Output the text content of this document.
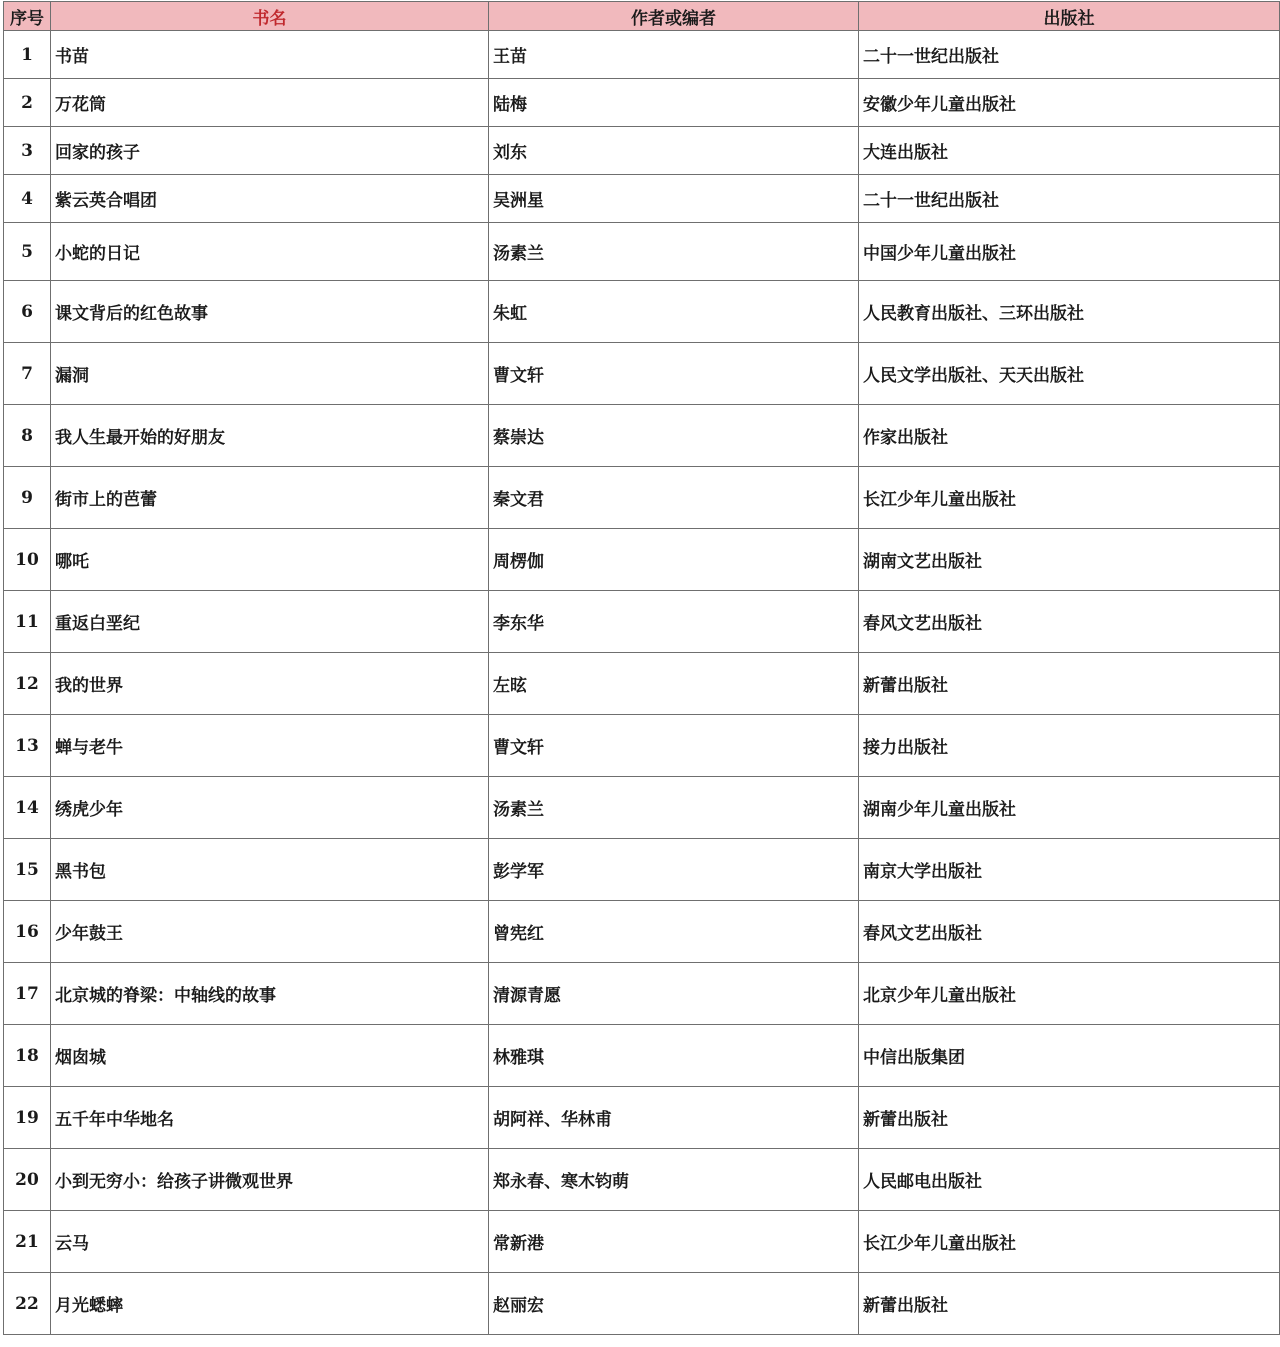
序号	书名	作者或编者	出版社
1	书苗	王苗	二十一世纪出版社
2	万花筒	陆梅	安徽少年儿童出版社
3	回家的孩子	刘东	大连出版社
4	紫云英合唱团	吴洲星	二十一世纪出版社
5	小蛇的日记	汤素兰	中国少年儿童出版社
6	课文背后的红色故事	朱虹	人民教育出版社、三环出版社
7	漏洞	曹文轩	人民文学出版社、天天出版社
8	我人生最开始的好朋友	蔡崇达	作家出版社
9	街市上的芭蕾	秦文君	长江少年儿童出版社
10	哪吒	周楞伽	湖南文艺出版社
11	重返白垩纪	李东华	春风文艺出版社
12	我的世界	左昡	新蕾出版社
13	蝉与老牛	曹文轩	接力出版社
14	绣虎少年	汤素兰	湖南少年儿童出版社
15	黑书包	彭学军	南京大学出版社
16	少年鼓王	曾宪红	春风文艺出版社
17	北京城的脊梁：中轴线的故事	清源青愿	北京少年儿童出版社
18	烟囱城	林雅琪	中信出版集团
19	五千年中华地名	胡阿祥、华林甫	新蕾出版社
20	小到无穷小：给孩子讲微观世界	郑永春、寒木钧萌	人民邮电出版社
21	云马	常新港	长江少年儿童出版社
22	月光蟋蟀	赵丽宏	新蕾出版社
